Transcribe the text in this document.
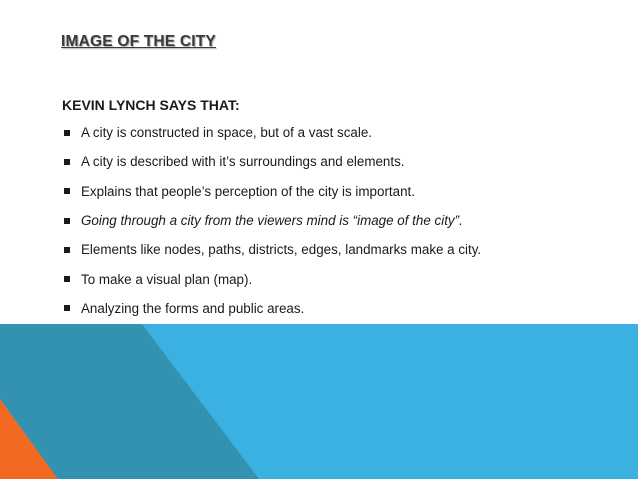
IMAGE OF THE CITY
KEVIN LYNCH SAYS THAT:
A city is constructed in space, but of a vast scale.
A city is described with it’s surroundings and elements.
Explains that people’s perception of the city is important.
Going through a city from the viewers mind is “image of the city”.
Elements like nodes, paths, districts, edges, landmarks make a city.
To make a visual plan (map).
Analyzing the forms and public areas.
